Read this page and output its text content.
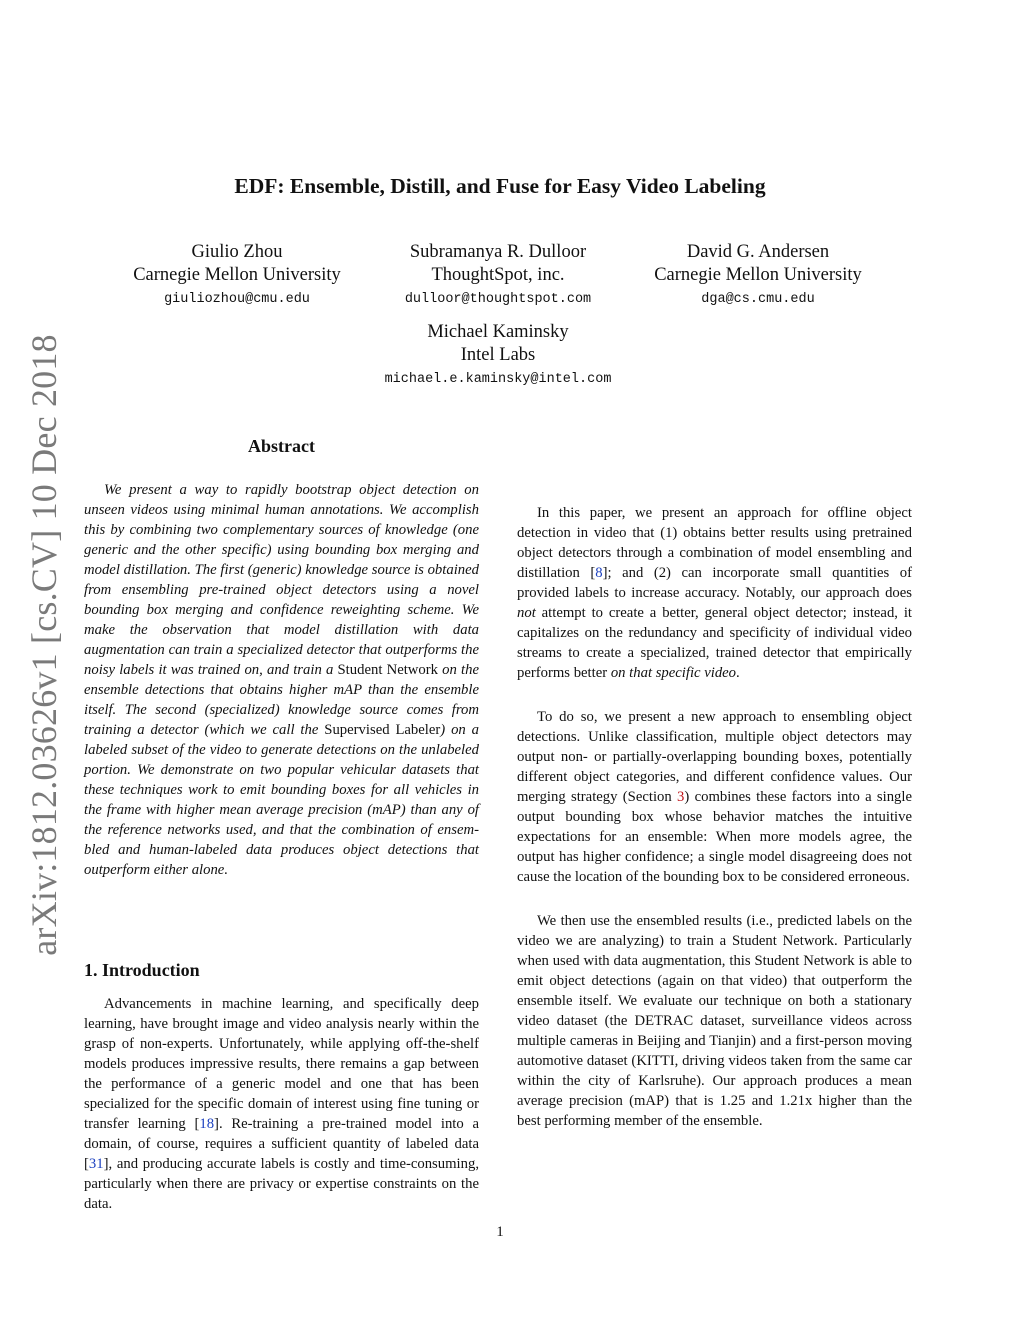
arXiv:1812.03626v1 [cs.CV] 10 Dec 2018
EDF: Ensemble, Distill, and Fuse for Easy Video Labeling
Giulio Zhou
Carnegie Mellon University
giuliozhou@cmu.edu
Subramanya R. Dulloor
ThoughtSpot, inc.
dulloor@thoughtspot.com
David G. Andersen
Carnegie Mellon University
dga@cs.cmu.edu
Michael Kaminsky
Intel Labs
michael.e.kaminsky@intel.com
Abstract

We present a way to rapidly bootstrap object detection on unseen videos using minimal human annotations. We accomplish this by combining two complementary sources of knowledge (one generic and the other specific) using bounding box merging and model distillation. The first (generic) knowledge source is obtained from ensembling pre-trained object detectors using a novel bounding box merging and confidence reweighting scheme. We make the observation that model distillation with data augmentation can train a specialized detector that outperforms the noisy labels it was trained on, and train a Student Network on the ensemble detections that obtains higher mAP than the ensemble itself. The second (specialized) knowledge source comes from training a detector (which we call the Supervised Labeler) on a labeled subset of the video to generate detections on the unlabeled portion. We demonstrate on two popular vehicular datasets that these techniques work to emit bounding boxes for all vehicles in the frame with higher mean average precision (mAP) than any of the reference networks used, and that the combination of ensembled and human-labeled data produces object detections that outperform either alone.

1. Introduction

Advancements in machine learning, and specifically deep learning, have brought image and video analysis nearly within the grasp of non-experts. Unfortunately, while applying off-the-shelf models produces impressive results, there remains a gap between the performance of a generic model and one that has been specialized for the specific domain of interest using fine tuning or transfer learning [18]. Re-training a pre-trained model into a domain, of course, requires a sufficient quantity of labeled data [31], and producing accurate labels is costly and time-consuming, particularly when there are privacy or expertise constraints on the data.

In this paper, we present an approach for offline object detection in video that (1) obtains better results using pretrained object detectors through a combination of model ensembling and distillation [8]; and (2) can incorporate small quantities of provided labels to increase accuracy. Notably, our approach does not attempt to create a better, general object detector; instead, it capitalizes on the redundancy and specificity of individual video streams to create a specialized, trained detector that empirically performs better on that specific video.

To do so, we present a new approach to ensembling object detections. Unlike classification, multiple object detectors may output non- or partially-overlapping bounding boxes, potentially different object categories, and different confidence values. Our merging strategy (Section 3) combines these factors into a single output bounding box whose behavior matches the intuitive expectations for an ensemble: When more models agree, the output has higher confidence; a single model disagreeing does not cause the location of the bounding box to be considered erroneous.

We then use the ensembled results (i.e., predicted labels on the video we are analyzing) to train a Student Network. Particularly when used with data augmentation, this Student Network is able to emit object detections (again on that video) that outperform the ensemble itself. We evaluate our technique on both a stationary video dataset (the DETRAC dataset, surveillance videos across multiple cameras in Beijing and Tianjin) and a first-person moving automotive dataset (KITTI, driving videos taken from the same car within the city of Karlsruhe). Our approach produces a mean average precision (mAP) that is 1.25 and 1.21x higher than the best performing member of the ensemble.

1
